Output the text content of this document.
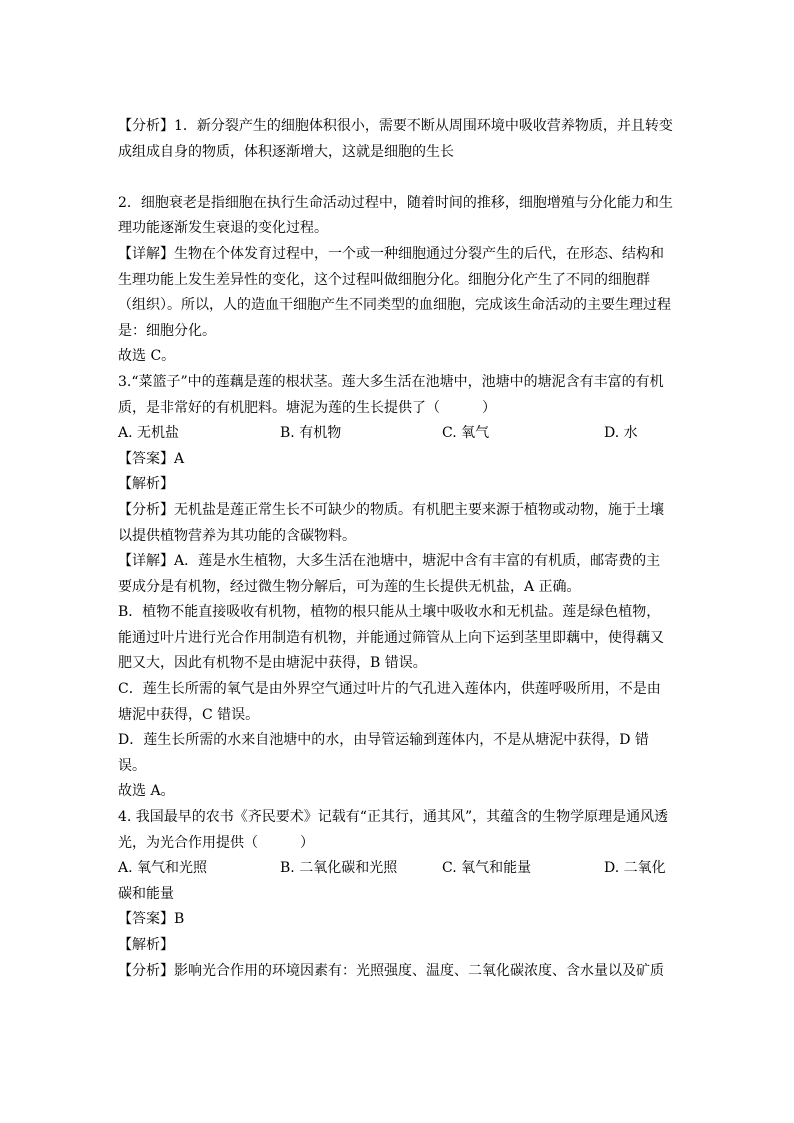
【分析】1．新分裂产生的细胞体积很小，需要不断从周围环境中吸收营养物质，并且转变
成组成自身的物质，体积逐渐增大，这就是细胞的生长
2．细胞衰老是指细胞在执行生命活动过程中，随着时间的推移，细胞增殖与分化能力和生
理功能逐渐发生衰退的变化过程。
【详解】生物在个体发育过程中，一个或一种细胞通过分裂产生的后代，在形态、结构和
生理功能上发生差异性的变化，这个过程叫做细胞分化。细胞分化产生了不同的细胞群
（组织）。所以，人的造血干细胞产生不同类型的血细胞，完成该生命活动的主要生理过程
是：细胞分化。
故选 C。
3.“菜篮子”中的莲藕是莲的根状茎。莲大多生活在池塘中，池塘中的塘泥含有丰富的有机
质，是非常好的有机肥料。塘泥为莲的生长提供了（　　　）
A. 无机盐	B. 有机物	C. 氧气	D. 水
【答案】A
【解析】
【分析】无机盐是莲正常生长不可缺少的物质。有机肥主要来源于植物或动物，施于土壤
以提供植物营养为其功能的含碳物料。
【详解】A．莲是水生植物，大多生活在池塘中，塘泥中含有丰富的有机质，邮寄费的主
要成分是有机物，经过微生物分解后，可为莲的生长提供无机盐，A 正确。
B．植物不能直接吸收有机物，植物的根只能从土壤中吸收水和无机盐。莲是绿色植物，
能通过叶片进行光合作用制造有机物，并能通过筛管从上向下运到茎里即藕中，使得藕又
肥又大，因此有机物不是由塘泥中获得，B 错误。
C．莲生长所需的氧气是由外界空气通过叶片的气孔进入莲体内，供莲呼吸所用，不是由
塘泥中获得，C 错误。
D．莲生长所需的水来自池塘中的水，由导管运输到莲体内，不是从塘泥中获得，D 错
误。
故选 A。
4. 我国最早的农书《齐民要术》记载有“正其行，通其风”，其蕴含的生物学原理是通风透
光，为光合作用提供（　　　）
A. 氧气和光照	B. 二氧化碳和光照	C. 氧气和能量	D. 二氧化
碳和能量
【答案】B
【解析】
【分析】影响光合作用的环境因素有：光照强度、温度、二氧化碳浓度、含水量以及矿质
